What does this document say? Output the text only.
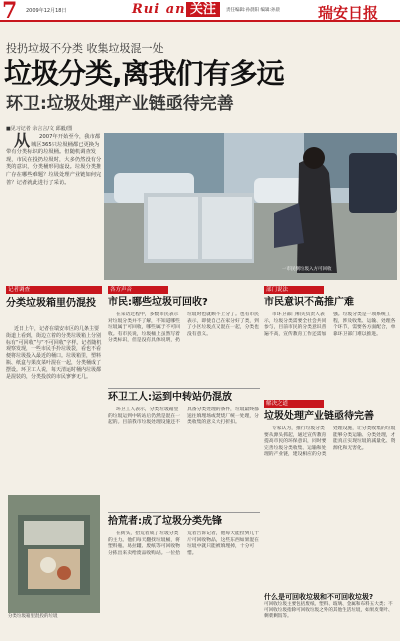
7 2009年12月18日	Rui an 关注	责任编辑:孙晨阳 编辑:孙晨	瑞安日报
投扔垃圾不分类 收集垃圾混一处
垃圾分类,离我们有多远
环卫:垃圾处理产业链亟待完善
■见习记者 余言言/文 邱毅/图
从2007年开始至今，我市都城区365只垃圾桶都已更换为带有分类标识的垃圾桶。但随机调查发现，市民在投扔垃圾时，大多仍然没有分类的意识，分类桶形同虚设。垃圾分类推广存在哪些难题？垃圾处理产业链如何完善？记者就此进行了采访。
一市民倒垃圾入方可回收
记者调查
分类垃圾箱里仍混投
近日上午，记者在瑞安市区的几条主要街道上看到，街边立着的分类垃圾箱上分别标有“可回收”与“不可回收”字样。记者随机观察发现，一些市民手拎垃圾袋，看也不看便将垃圾投入最近的桶口。垃圾箱里，塑料瓶、纸盒与果皮菜叶混在一起，分类桶成了摆设。环卫工人说，每天清运时桶内垃圾都是混装的，分类投放的市民寥寥无几。
分类垃圾箱里混投的垃圾
各方声音
市民:哪些垃圾可回收?
在采访过程中，多数市民表示对垃圾分类并不了解，不知道哪些垃圾属于可回收，哪些属于不可回收。有市民说，垃圾桶上虽然写着分类标识，但是没有具体说明，扔垃圾时也就顾不上分了。也有市民表示，即使自己在家分好了类，到了小区垃圾点又混在一起，分类也没有意义。
环卫工人:运到中转站仍混放
环卫工人表示，分类垃圾箱里的垃圾运到中转站后仍然是混在一起的。目前我市垃圾处理设施还不具备分类处理的条件，垃圾最终都送往填埋场或焚烧厂统一处理，分类收集的意义大打折扣。
拾荒者:成了垃圾分类先锋
在街头，拾荒者成了垃圾分类的主力。他们每天翻找垃圾桶，将塑料瓶、易拉罐、废纸等可回收物分拣出来卖给废品收购站。一位拾荒者告诉记者，他每天能捡到几十斤可回收物品，这些东西如果混在垃圾中就只能被填埋掉，十分可惜。
部门说法
市民意识不高推广难
市环卫部门相关负责人表示，垃圾分类需要全社会共同参与，目前市民的分类意识普遍不高，宣传教育工作还需加强。垃圾分类是一项系统工程，涉及收集、运输、处理各个环节，需要各方面配合，单靠环卫部门难以推进。
解决之道
垃圾处理产业链亟待完善
专家认为，推行垃圾分类要从源头抓起，通过宣传教育提高市民的环保意识，同时要完善垃圾分类收集、运输和处理的产业链，建设相应的分类处理设施，让分类收集的垃圾能够分类运输、分类处理，才能真正实现垃圾的减量化、资源化和无害化。
什么是可回收垃圾和不可回收垃圾?
可回收垃圾主要包括废纸、塑料、玻璃、金属和布料五大类；不可回收垃圾指除可回收垃圾之外的其他生活垃圾，如果皮菜叶、剩菜剩饭等。
